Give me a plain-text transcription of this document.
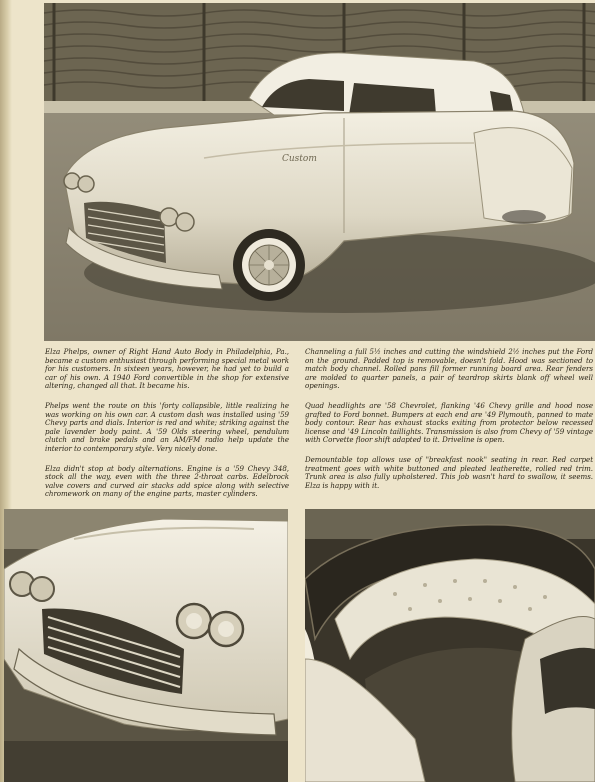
Custom

Elza Phelps, owner of Right Hand Auto Body in Philadelphia, Pa., became a custom enthusiast through performing special metal work for his customers. In sixteen years, however, he had yet to build a car of his own. A 1940 Ford convertible in the shop for extensive altering, changed all that. It became his.

Phelps went the route on this 'forty collapsible, little realizing he was working on his own car. A custom dash was installed using '59 Chevy parts and dials. Interior is red and white; striking against the pale lavender body paint. A '59 Olds steering wheel, pendulum clutch and brake pedals and an AM/FM radio help update the interior to contemporary style. Very nicely done.

Elza didn't stop at body alternations. Engine is a '59 Chevy 348, stock all the way, even with the three 2-throat carbs. Edelbrock valve covers and curved air stacks add spice along with selective chromework on many of the engine parts, master cylinders.

Channeling a full 5½ inches and cutting the windshield 2½ inches put the Ford on the ground. Padded top is removable, doesn't fold. Hood was sectioned to match body channel. Rolled pans fill former running board area. Rear fenders are molded to quarter panels, a pair of teardrop skirts blank off wheel well openings.

Quad headlights are '58 Chevrolet, flanking '46 Chevy grille and hood nose grafted to Ford bonnet. Bumpers at each end are '49 Plymouth, panned to mate body contour. Rear has exhaust stacks exiting from protector below recessed license and '49 Lincoln taillights. Transmission is also from Chevy of '59 vintage with Corvette floor shift adapted to it. Driveline is open.

Demountable top allows use of "breakfast nook" seating in rear. Red carpet treatment goes with white buttoned and pleated leatherette, rolled red trim. Trunk area is also fully upholstered. This job wasn't hard to swallow, it seems. Elza is happy with it.
